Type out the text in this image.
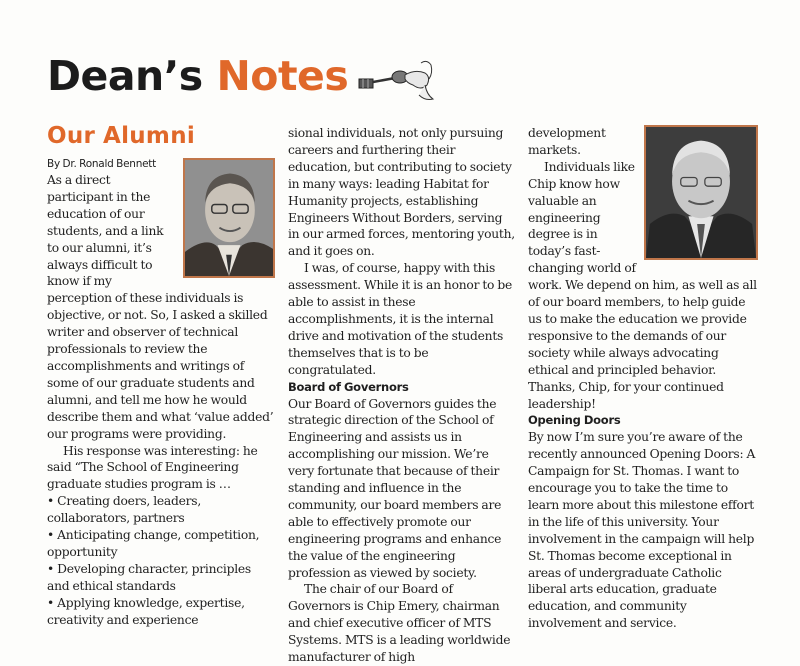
Dean’s Notes
Our Alumni

By Dr. Ronald Bennett

As a direct participant in the education of our students, and a link to our alumni, it’s always difficult to know if my perception of these individuals is objective, or not. So, I asked a skilled writer and observer of technical professionals to review the accomplishments and writings of some of our graduate students and alumni, and tell me how he would describe them and what ‘value added’ our programs were providing.

His response was interesting: he said “The School of Engineering graduate studies program is …

• Creating doers, leaders, collaborators, partners
• Anticipating change, competition, opportunity
• Developing character, principles and ethical standards
• Applying knowledge, expertise, creativity and experience

sional individuals, not only pursuing careers and furthering their education, but contributing to society in many ways: leading Habitat for Humanity projects, establishing Engineers Without Borders, serving in our armed forces, mentoring youth, and it goes on.

I was, of course, happy with this assessment. While it is an honor to be able to assist in these accomplishments, it is the internal drive and motivation of the students themselves that is to be congratulated.

Board of Governors

Our Board of Governors guides the strategic direction of the School of Engineering and assists us in accomplishing our mission. We’re very fortunate that because of their standing and influence in the community, our board members are able to effectively promote our engineering programs and enhance the value of the engineering profession as viewed by society.

The chair of our Board of Governors is Chip Emery, chairman and chief executive officer of MTS Systems. MTS is a leading worldwide manufacturer of high

development markets.

Individuals like Chip know how valuable an engineering degree is in today’s fast-changing world of work. We depend on him, as well as all of our board members, to help guide us to make the education we provide responsive to the demands of our society while always advocating ethical and principled behavior. Thanks, Chip, for your continued leadership!

Opening Doors

By now I’m sure you’re aware of the recently announced Opening Doors: A Campaign for St. Thomas. I want to encourage you to take the time to learn more about this milestone effort in the life of this university. Your involvement in the campaign will help St. Thomas become exceptional in areas of undergraduate Catholic liberal arts education, graduate education, and community involvement and service.
